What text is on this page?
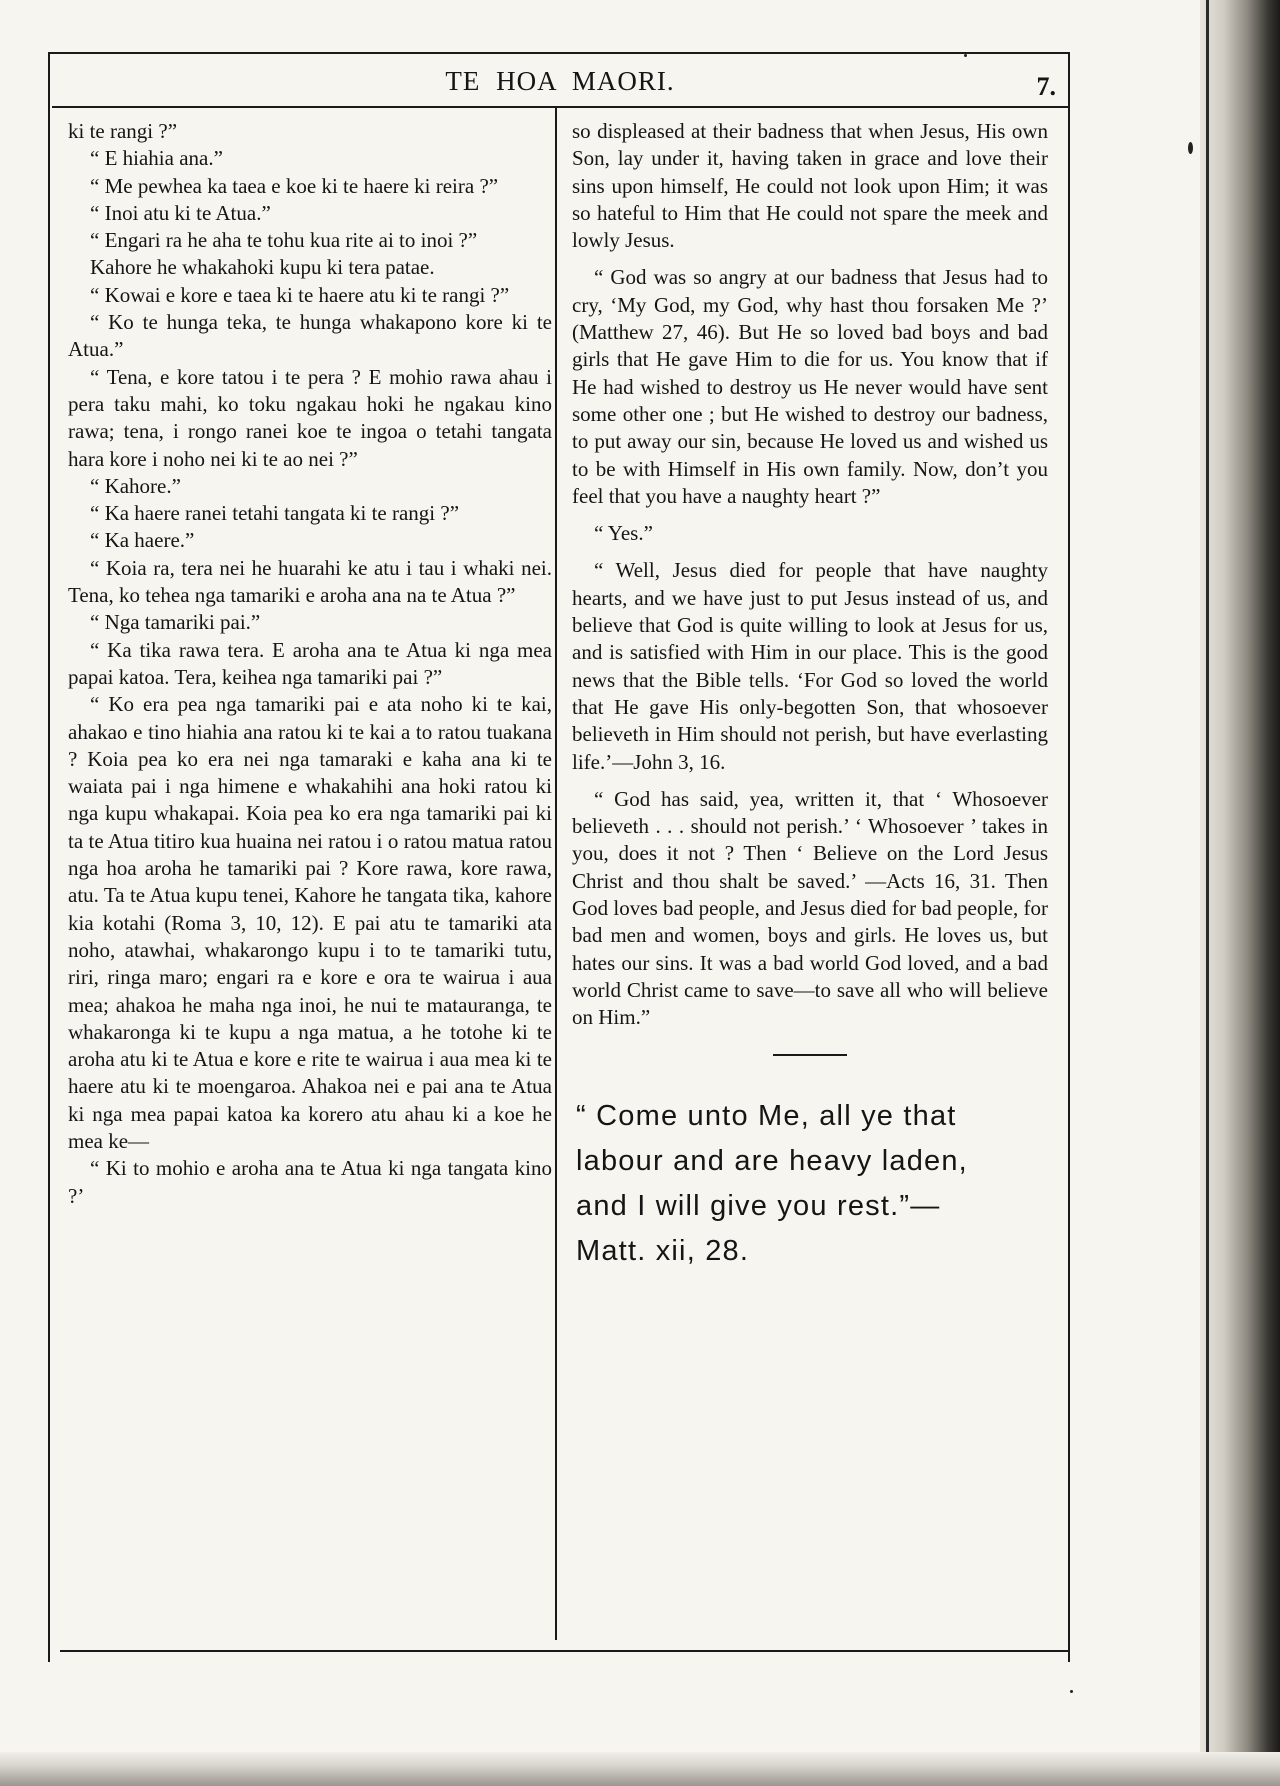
TE HOA MAORI.	7.

ki te rangi ?”

“ E hiahia ana.”

“ Me pewhea ka taea e koe ki te haere ki reira ?”

“ Inoi atu ki te Atua.”

“ Engari ra he aha te tohu kua rite ai to inoi ?”

Kahore he whakahoki kupu ki tera patae.

“ Kowai e kore e taea ki te haere atu ki te rangi ?”

“ Ko te hunga teka, te hunga whakapono kore ki te Atua.”

“ Tena, e kore tatou i te pera ? E mohio rawa ahau i pera taku mahi, ko toku ngakau hoki he ngakau kino rawa; tena, i rongo ranei koe te ingoa o tetahi tangata hara kore i noho nei ki te ao nei ?”

“ Kahore.”

“ Ka haere ranei tetahi tangata ki te rangi ?”

“ Ka haere.”

“ Koia ra, tera nei he huarahi ke atu i tau i whaki nei. Tena, ko tehea nga tamariki e aroha ana na te Atua ?”

“ Nga tamariki pai.”

“ Ka tika rawa tera. E aroha ana te Atua ki nga mea papai katoa. Tera, keihea nga tamariki pai ?”

“ Ko era pea nga tamariki pai e ata noho ki te kai, ahakao e tino hiahia ana ratou ki te kai a to ratou tuakana ? Koia pea ko era nei nga tamaraki e kaha ana ki te waiata pai i nga himene e whakahihi ana hoki ratou ki nga kupu whakapai. Koia pea ko era nga tamariki pai ki ta te Atua titiro kua huaina nei ratou i o ratou matua ratou nga hoa aroha he tamariki pai ? Kore rawa, kore rawa, atu. Ta te Atua kupu tenei, Kahore he tangata tika, kahore kia kotahi (Roma 3, 10, 12). E pai atu te tamariki ata noho, atawhai, whakarongo kupu i to te tamariki tutu, riri, ringa maro; engari ra e kore e ora te wairua i aua mea; ahakoa he maha nga inoi, he nui te matauranga, te whakaronga ki te kupu a nga matua, a he totohe ki te aroha atu ki te Atua e kore e rite te wairua i aua mea ki te haere atu ki te moengaroa. Ahakoa nei e pai ana te Atua ki nga mea papai katoa ka korero atu ahau ki a koe he mea ke—

“ Ki to mohio e aroha ana te Atua ki nga tangata kino ?’

so displeased at their badness that when Jesus, His own Son, lay under it, having taken in grace and love their sins upon himself, He could not look upon Him; it was so hateful to Him that He could not spare the meek and lowly Jesus.

“ God was so angry at our badness that Jesus had to cry, ‘My God, my God, why hast thou forsaken Me ?’ (Matthew 27, 46). But He so loved bad boys and bad girls that He gave Him to die for us. You know that if He had wished to destroy us He never would have sent some other one ; but He wished to destroy our badness, to put away our sin, because He loved us and wished us to be with Himself in His own family. Now, don’t you feel that you have a naughty heart ?”

“ Yes.”

“ Well, Jesus died for people that have naughty hearts, and we have just to put Jesus instead of us, and believe that God is quite willing to look at Jesus for us, and is satisfied with Him in our place. This is the good news that the Bible tells. ‘For God so loved the world that He gave His only-begotten Son, that whosoever believeth in Him should not perish, but have everlasting life.’—John 3, 16.

“ God has said, yea, written it, that ‘ Whosoever believeth . . . should not perish.’ ‘ Whosoever ’ takes in you, does it not ? Then ‘ Believe on the Lord Jesus Christ and thou shalt be saved.’ —Acts 16, 31. Then God loves bad people, and Jesus died for bad people, for bad men and women, boys and girls. He loves us, but hates our sins. It was a bad world God loved, and a bad world Christ came to save—to save all who will believe on Him.”

“ Come unto Me, all ye that
labour and are heavy laden,
and I will give you rest.”—
Matt. xii, 28.
